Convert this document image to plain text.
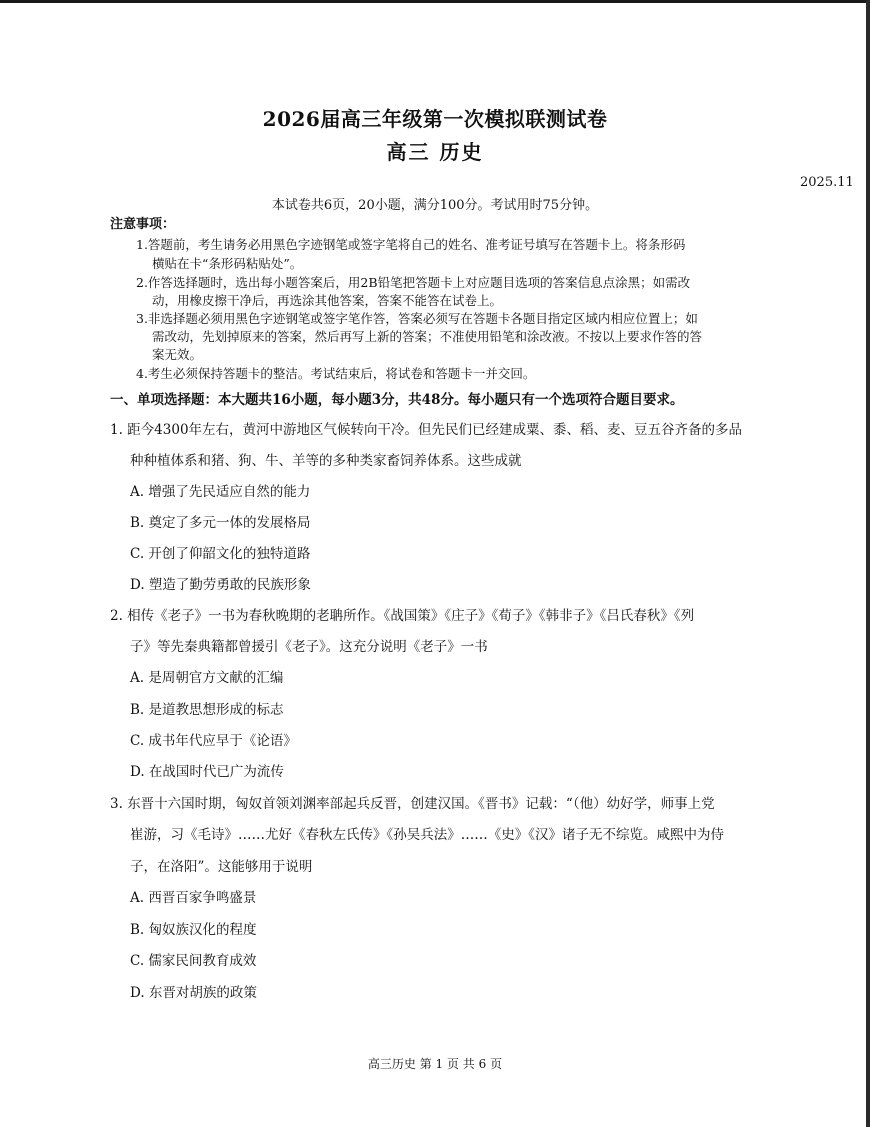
2026届高三年级第一次模拟联测试卷
高三 历史
2025.11
本试卷共6页，20小题，满分100分。考试用时75分钟。
注意事项：
1.答题前，考生请务必用黑色字迹钢笔或签字笔将自己的姓名、准考证号填写在答题卡上。将条形码
横贴在卡“条形码粘贴处”。
2.作答选择题时，选出每小题答案后，用2B铅笔把答题卡上对应题目选项的答案信息点涂黑；如需改
动，用橡皮擦干净后，再选涂其他答案，答案不能答在试卷上。
3.非选择题必须用黑色字迹钢笔或签字笔作答，答案必须写在答题卡各题目指定区域内相应位置上；如
需改动，先划掉原来的答案，然后再写上新的答案；不准使用铅笔和涂改液。不按以上要求作答的答
案无效。
4.考生必须保持答题卡的整洁。考试结束后，将试卷和答题卡一并交回。
一、单项选择题：本大题共16小题，每小题3分，共48分。每小题只有一个选项符合题目要求。
1. 距今4300年左右，黄河中游地区气候转向干冷。但先民们已经建成粟、黍、稻、麦、豆五谷齐备的多品
种种植体系和猪、狗、牛、羊等的多种类家畜饲养体系。这些成就
A. 增强了先民适应自然的能力
B. 奠定了多元一体的发展格局
C. 开创了仰韶文化的独特道路
D. 塑造了勤劳勇敢的民族形象
2. 相传《老子》一书为春秋晚期的老聃所作。《战国策》《庄子》《荀子》《韩非子》《吕氏春秋》《列
子》等先秦典籍都曾援引《老子》。这充分说明《老子》一书
A. 是周朝官方文献的汇编
B. 是道教思想形成的标志
C. 成书年代应早于《论语》
D. 在战国时代已广为流传
3. 东晋十六国时期，匈奴首领刘渊率部起兵反晋，创建汉国。《晋书》记载：“（他）幼好学，师事上党
崔游，习《毛诗》……尤好《春秋左氏传》《孙吴兵法》……《史》《汉》诸子无不综览。咸熙中为侍
子，在洛阳”。这能够用于说明
A. 西晋百家争鸣盛景
B. 匈奴族汉化的程度
C. 儒家民间教育成效
D. 东晋对胡族的政策
高三历史 第 1 页 共 6 页
